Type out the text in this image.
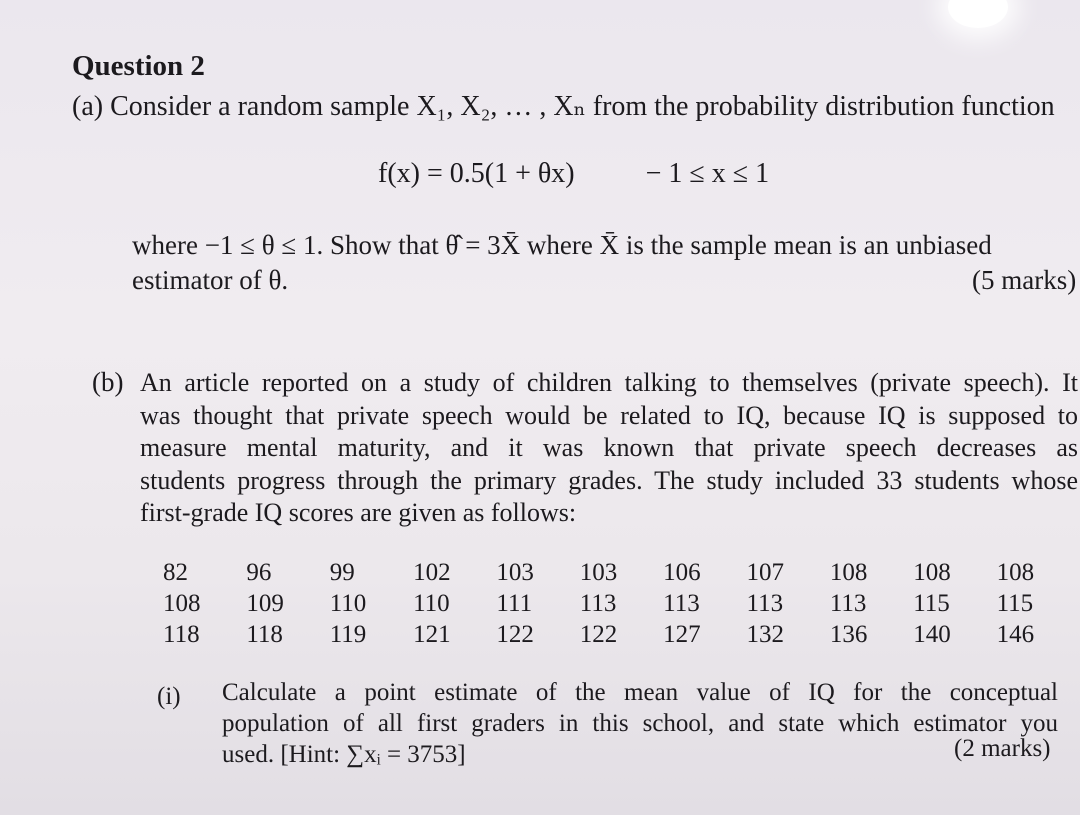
Question 2
(a) Consider a random sample X₁, X₂, … , Xₙ from the probability distribution function
f(x) = 0.5(1 + θx)	− 1 ≤ x ≤ 1
where −1 ≤ θ ≤ 1. Show that θ̂ = 3X̄ where X̄ is the sample mean is an unbiased
estimator of θ.	(5 marks)
(b) An article reported on a study of children talking to themselves (private speech). It
was thought that private speech would be related to IQ, because IQ is supposed to
measure mental maturity, and it was known that private speech decreases as
students progress through the primary grades. The study included 33 students whose
first-grade IQ scores are given as follows:
82	96	99	102	103	103	106	107	108	108	108
108	109	110	110	111	113	113	113	113	115	115
118	118	119	121	122	122	127	132	136	140	146
(i) Calculate a point estimate of the mean value of IQ for the conceptual
population of all first graders in this school, and state which estimator you
used. [Hint: ∑xᵢ = 3753]	(2 marks)
